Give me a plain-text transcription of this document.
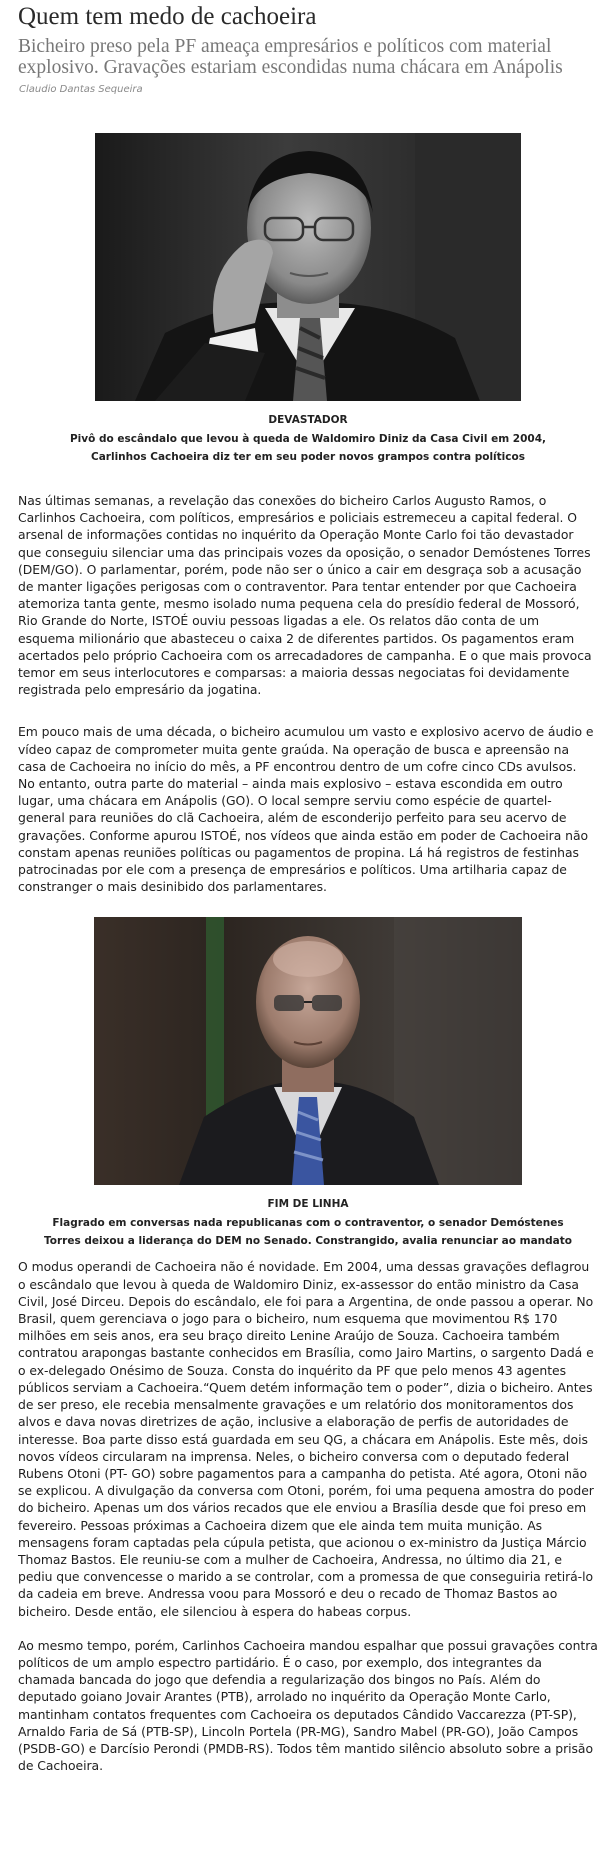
Quem tem medo de cachoeira
Bicheiro preso pela PF ameaça empresários e políticos com material explosivo. Gravações estariam escondidas numa chácara em Anápolis
Claudio Dantas Sequeira
DEVASTADOR
Pivô do escândalo que levou à queda de Waldomiro Diniz da Casa Civil em 2004,
Carlinhos Cachoeira diz ter em seu poder novos grampos contra políticos

Nas últimas semanas, a revelação das conexões do bicheiro Carlos Augusto Ramos, o Carlinhos Cachoeira, com políticos, empresários e policiais estremeceu a capital federal. O arsenal de informações contidas no inquérito da Operação Monte Carlo foi tão devastador que conseguiu silenciar uma das principais vozes da oposição, o senador Demóstenes Torres (DEM/GO). O parlamentar, porém, pode não ser o único a cair em desgraça sob a acusação de manter ligações perigosas com o contraventor. Para tentar entender por que Cachoeira atemoriza tanta gente, mesmo isolado numa pequena cela do presídio federal de Mossoró, Rio Grande do Norte, ISTOÉ ouviu pessoas ligadas a ele. Os relatos dão conta de um esquema milionário que abasteceu o caixa 2 de diferentes partidos. Os pagamentos eram acertados pelo próprio Cachoeira com os arrecadadores de campanha. E o que mais provoca temor em seus interlocutores e comparsas: a maioria dessas negociatas foi devidamente registrada pelo empresário da jogatina.

Em pouco mais de uma década, o bicheiro acumulou um vasto e explosivo acervo de áudio e vídeo capaz de comprometer muita gente graúda. Na operação de busca e apreensão na casa de Cachoeira no início do mês, a PF encontrou dentro de um cofre cinco CDs avulsos.

No entanto, outra parte do material – ainda mais explosivo – estava escondida em outro lugar, uma chácara em Anápolis (GO). O local sempre serviu como espécie de quartel-general para reuniões do clã Cachoeira, além de esconderijo perfeito para seu acervo de gravações. Conforme apurou ISTOÉ, nos vídeos que ainda estão em poder de Cachoeira não constam apenas reuniões políticas ou pagamentos de propina. Lá há registros de festinhas patrocinadas por ele com a presença de empresários e políticos. Uma artilharia capaz de constranger o mais desinibido dos parlamentares.

FIM DE LINHA
Flagrado em conversas nada republicanas com o contraventor, o senador Demóstenes
Torres deixou a liderança do DEM no Senado. Constrangido, avalia renunciar ao mandato

O modus operandi de Cachoeira não é novidade. Em 2004, uma dessas gravações deflagrou o escândalo que levou à queda de Waldomiro Diniz, ex-assessor do então ministro da Casa Civil, José Dirceu. Depois do escândalo, ele foi para a Argentina, de onde passou a operar. No Brasil, quem gerenciava o jogo para o bicheiro, num esquema que movimentou R$ 170 milhões em seis anos, era seu braço direito Lenine Araújo de Souza. Cachoeira também contratou arapongas bastante conhecidos em Brasília, como Jairo Martins, o sargento Dadá e o ex-delegado Onésimo de Souza. Consta do inquérito da PF que pelo menos 43 agentes públicos serviam a Cachoeira.“Quem detém informação tem o poder”, dizia o bicheiro. Antes de ser preso, ele recebia mensalmente gravações e um relatório dos monitoramentos dos alvos e dava novas diretrizes de ação, inclusive a elaboração de perfis de autoridades de interesse. Boa parte disso está guardada em seu QG, a chácara em Anápolis. Este mês, dois novos vídeos circularam na imprensa. Neles, o bicheiro conversa com o deputado federal Rubens Otoni (PT- GO) sobre pagamentos para a campanha do petista. Até agora, Otoni não se explicou. A divulgação da conversa com Otoni, porém, foi uma pequena amostra do poder do bicheiro. Apenas um dos vários recados que ele enviou a Brasília desde que foi preso em fevereiro. Pessoas próximas a Cachoeira dizem que ele ainda tem muita munição. As mensagens foram captadas pela cúpula petista, que acionou o ex-ministro da Justiça Márcio Thomaz Bastos. Ele reuniu-se com a mulher de Cachoeira, Andressa, no último dia 21, e pediu que convencesse o marido a se controlar, com a promessa de que conseguiria retirá-lo da cadeia em breve. Andressa voou para Mossoró e deu o recado de Thomaz Bastos ao bicheiro. Desde então, ele silenciou à espera do habeas corpus.

Ao mesmo tempo, porém, Carlinhos Cachoeira mandou espalhar que possui gravações contra políticos de um amplo espectro partidário. É o caso, por exemplo, dos integrantes da chamada bancada do jogo que defendia a regularização dos bingos no País. Além do deputado goiano Jovair Arantes (PTB), arrolado no inquérito da Operação Monte Carlo, mantinham contatos frequentes com Cachoeira os deputados Cândido Vaccarezza (PT-SP), Arnaldo Faria de Sá (PTB-SP), Lincoln Portela (PR-MG), Sandro Mabel (PR-GO), João Campos (PSDB-GO) e Darcísio Perondi (PMDB-RS). Todos têm mantido silêncio absoluto sobre a prisão de Cachoeira.
